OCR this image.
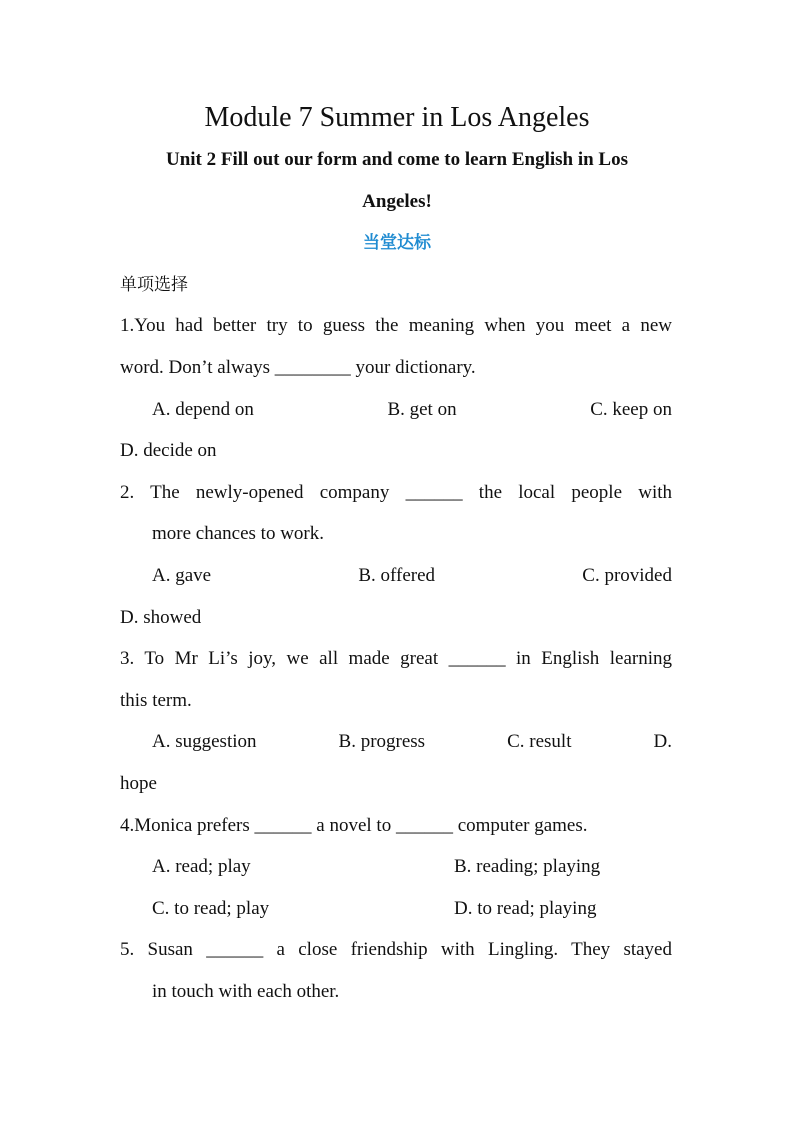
Module 7 Summer in Los Angeles
Unit 2 Fill out our form and come to learn English in Los
Angeles!
当堂达标
单项选择
1.You had better try to guess the meaning when you meet a new
word. Don’t always ________ your dictionary.
A. depend on	B. get on	C. keep on
D. decide on
2. The newly-opened company ______ the local people with
more chances to work.
A. gave	B. offered	C. provided
D. showed
3. To Mr Li’s joy, we all made great ______ in English learning
this term.
A. suggestion	B. progress	C. result	D.
hope
4.Monica prefers ______ a novel to ______ computer games.
A. read; play	B. reading; playing
C. to read; play	D. to read; playing
5. Susan ______ a close friendship with Lingling. They stayed
in touch with each other.
